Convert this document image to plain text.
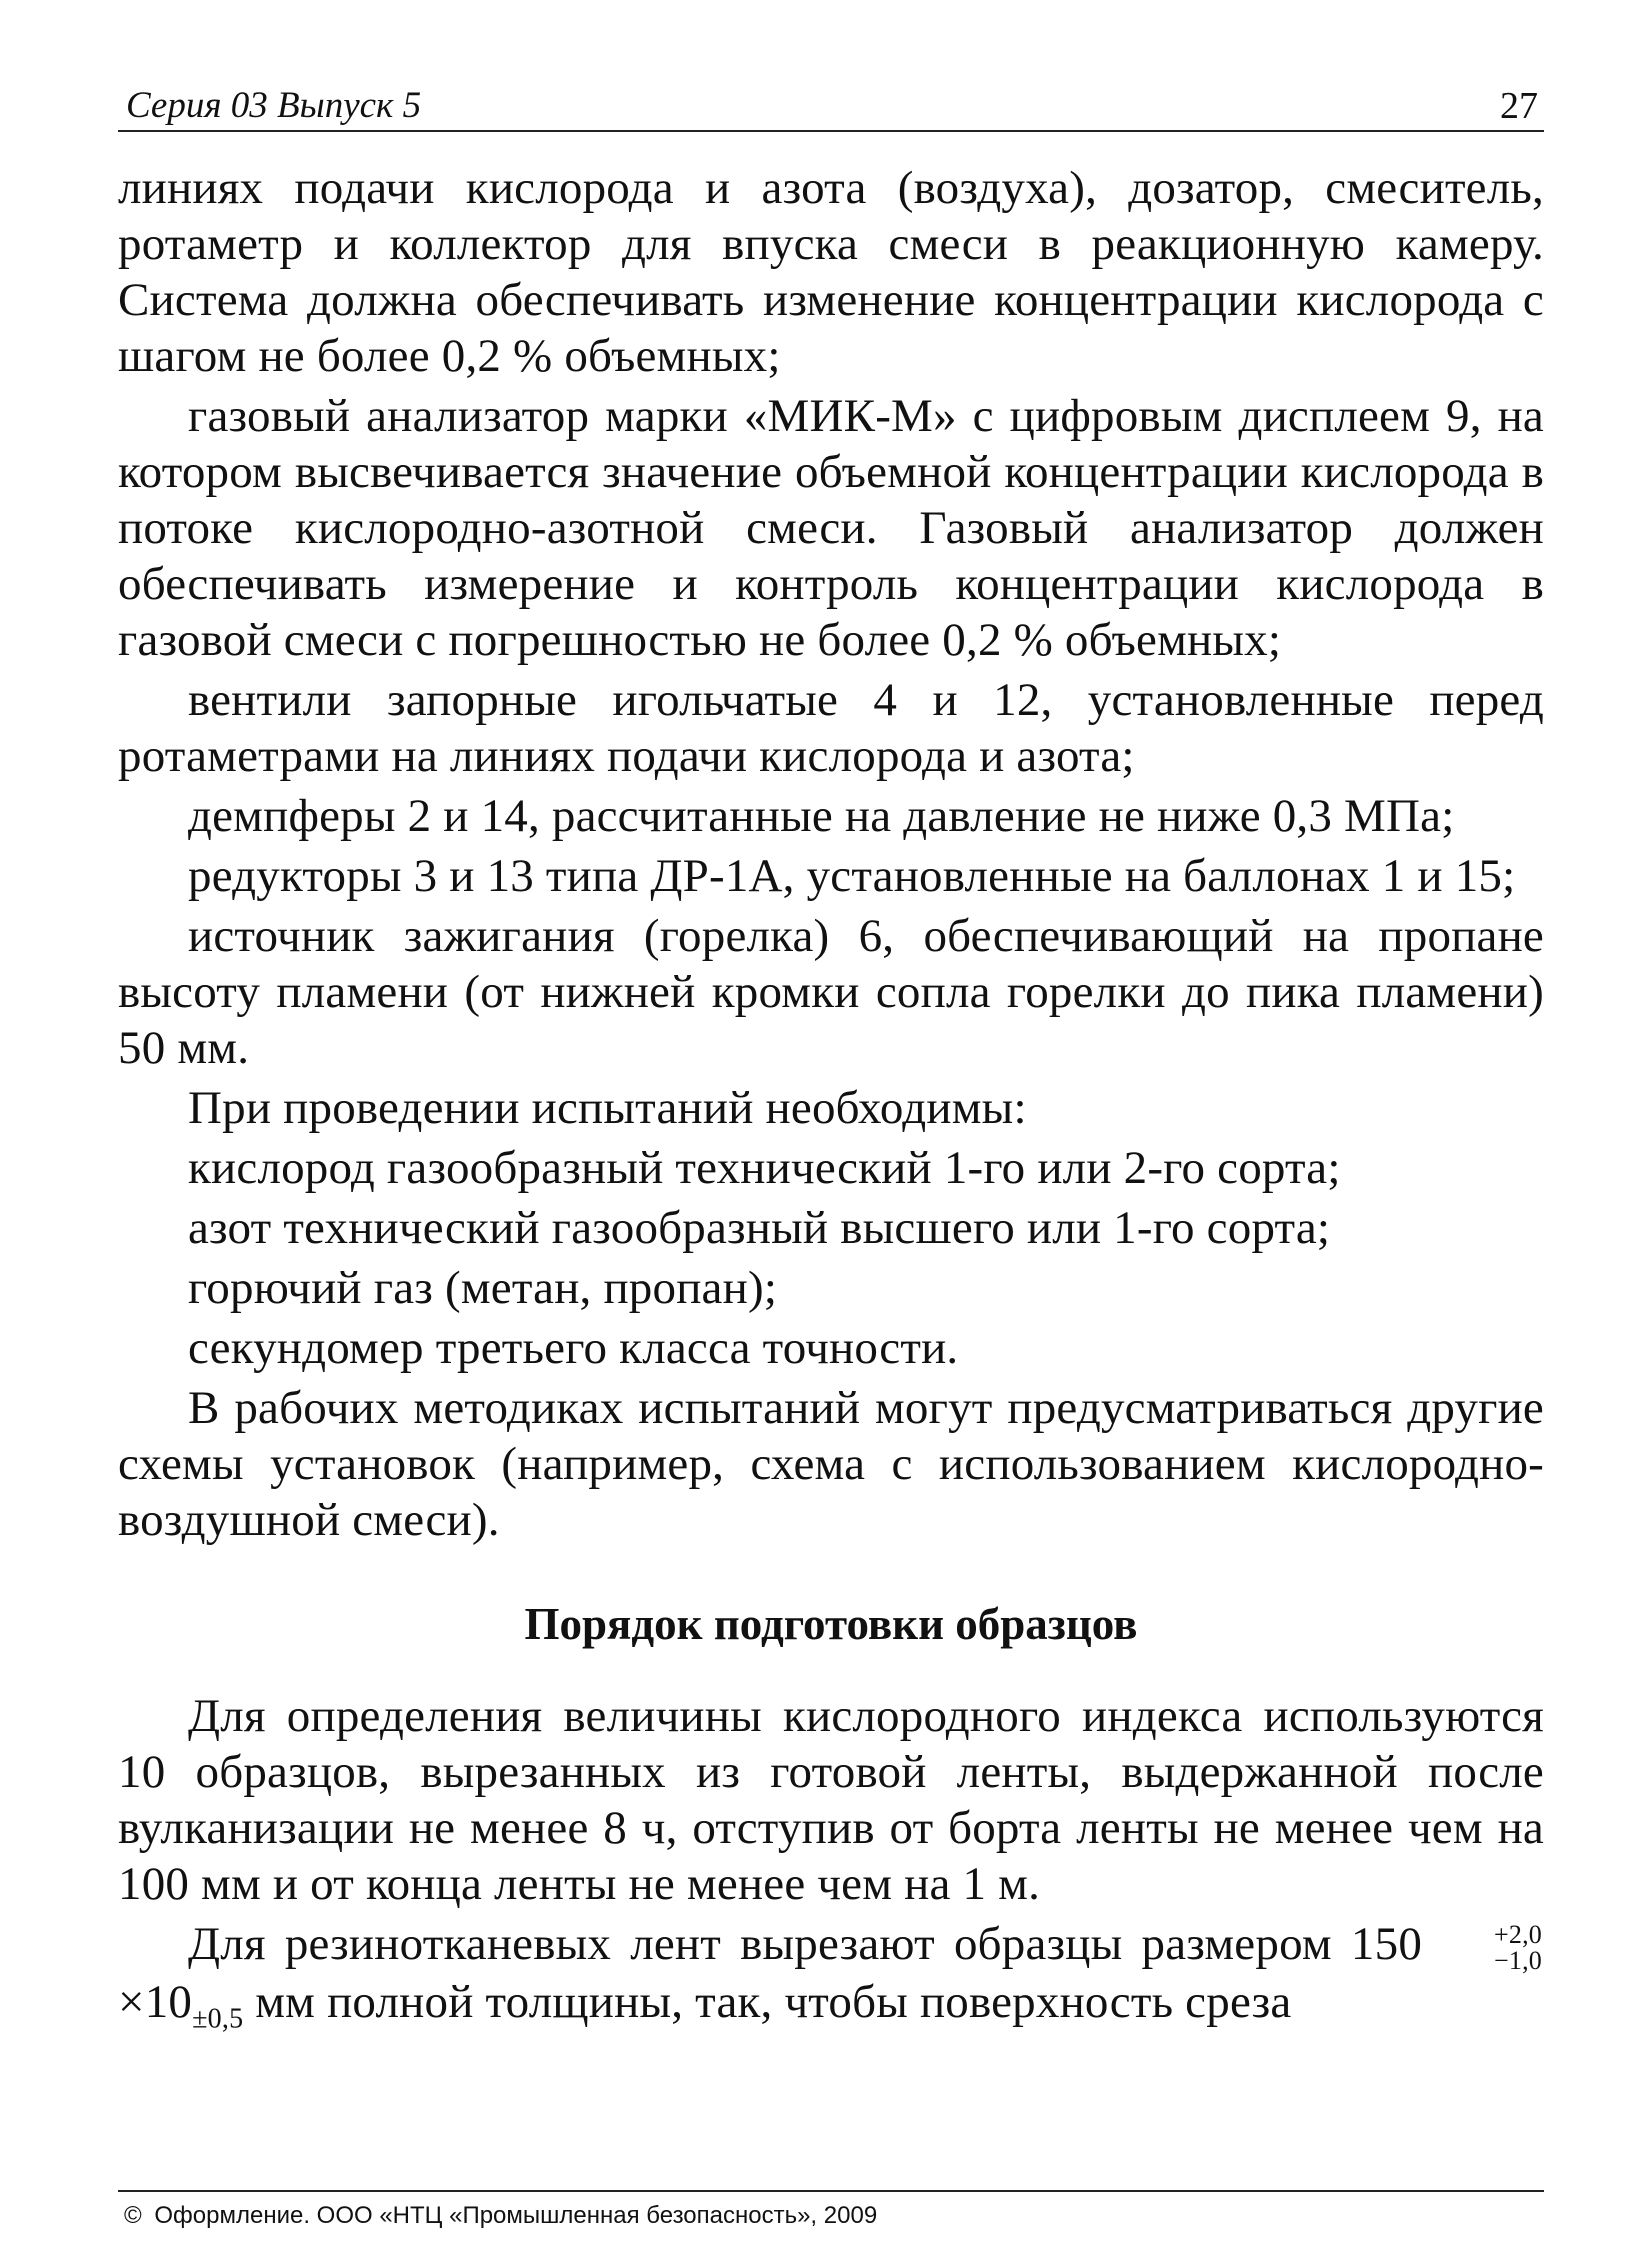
Серия 03 Выпуск 5	27

линиях подачи кислорода и азота (воздуха), дозатор, смеситель, ротаметр и коллектор для впуска смеси в реакционную камеру. Система должна обеспечивать изменение концентрации кислорода с шагом не более 0,2 % объемных;

газовый анализатор марки «МИК-М» с цифровым дисплеем 9, на котором высвечивается значение объемной концентрации кислорода в потоке кислородно-азотной смеси. Газовый анализатор должен обеспечивать измерение и контроль концентрации кислорода в газовой смеси с погрешностью не более 0,2 % объемных;

вентили запорные игольчатые 4 и 12, установленные перед ротаметрами на линиях подачи кислорода и азота;

демпферы 2 и 14, рассчитанные на давление не ниже 0,3 МПа;

редукторы 3 и 13 типа ДР-1А, установленные на баллонах 1 и 15;

источник зажигания (горелка) 6, обеспечивающий на пропане высоту пламени (от нижней кромки сопла горелки до пика пламени) 50 мм.

При проведении испытаний необходимы:

кислород газообразный технический 1-го или 2-го сорта;

азот технический газообразный высшего или 1-го сорта;

горючий газ (метан, пропан);

секундомер третьего класса точности.

В рабочих методиках испытаний могут предусматриваться другие схемы установок (например, схема с использованием кислородно-воздушной смеси).

Порядок подготовки образцов

Для определения величины кислородного индекса используются 10 образцов, вырезанных из готовой ленты, выдержанной после вулканизации не менее 8 ч, отступив от борта ленты не менее чем на 100 мм и от конца ленты не менее чем на 1 м.

Для резинотканевых лент вырезают образцы размером 150	+2,0
−1,0
$\times 10_{\pm 0,5}$ мм полной толщины, так, чтобы поверхность среза

© Оформление. ООО «НТЦ «Промышленная безопасность», 2009
